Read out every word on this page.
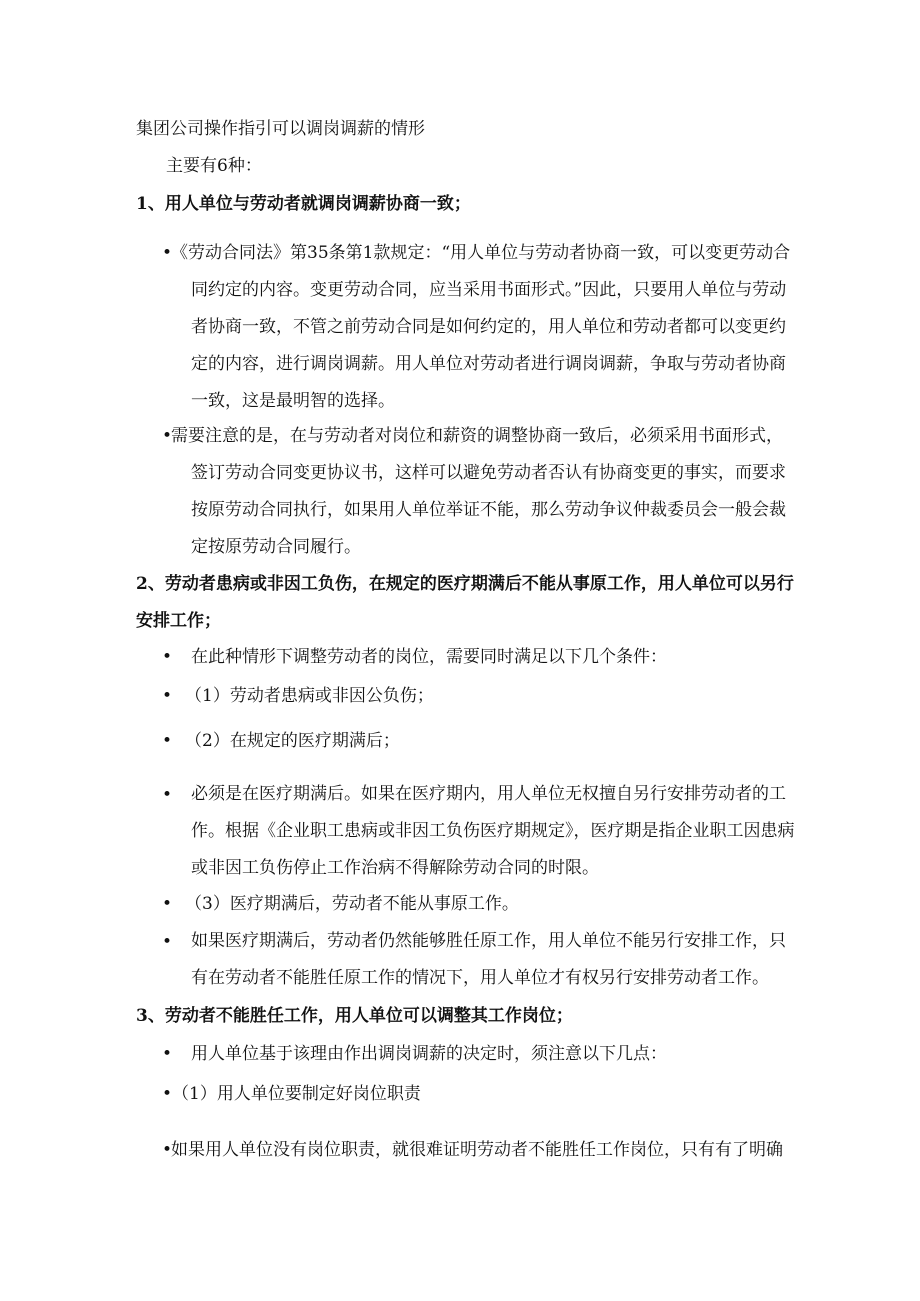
集团公司操作指引可以调岗调薪的情形
主要有6种：
1、用人单位与劳动者就调岗调薪协商一致；
•
《劳动合同法》第35条第1款规定：“用人单位与劳动者协商一致，可以变更劳动合同约定的内容。变更劳动合同，应当采用书面形式。”因此，只要用人单位与劳动者协商一致，不管之前劳动合同是如何约定的，用人单位和劳动者都可以变更约定的内容，进行调岗调薪。用人单位对劳动者进行调岗调薪，争取与劳动者协商一致，这是最明智的选择。
•
需要注意的是，在与劳动者对岗位和薪资的调整协商一致后，必须采用书面形式，签订劳动合同变更协议书，这样可以避免劳动者否认有协商变更的事实，而要求按原劳动合同执行，如果用人单位举证不能，那么劳动争议仲裁委员会一般会裁定按原劳动合同履行。
2、劳动者患病或非因工负伤，在规定的医疗期满后不能从事原工作，用人单位可以另行安排工作；
• 在此种情形下调整劳动者的岗位，需要同时满足以下几个条件：
• （1）劳动者患病或非因公负伤；
• （2）在规定的医疗期满后；
• 必须是在医疗期满后。如果在医疗期内，用人单位无权擅自另行安排劳动者的工作。根据《企业职工患病或非因工负伤医疗期规定》，医疗期是指企业职工因患病或非因工负伤停止工作治病不得解除劳动合同的时限。
• （3）医疗期满后，劳动者不能从事原工作。
• 如果医疗期满后，劳动者仍然能够胜任原工作，用人单位不能另行安排工作，只有在劳动者不能胜任原工作的情况下，用人单位才有权另行安排劳动者工作。
3、劳动者不能胜任工作，用人单位可以调整其工作岗位；
• 用人单位基于该理由作出调岗调薪的决定时，须注意以下几点：
• （1）用人单位要制定好岗位职责
•
如果用人单位没有岗位职责，就很难证明劳动者不能胜任工作岗位，只有有了明确
